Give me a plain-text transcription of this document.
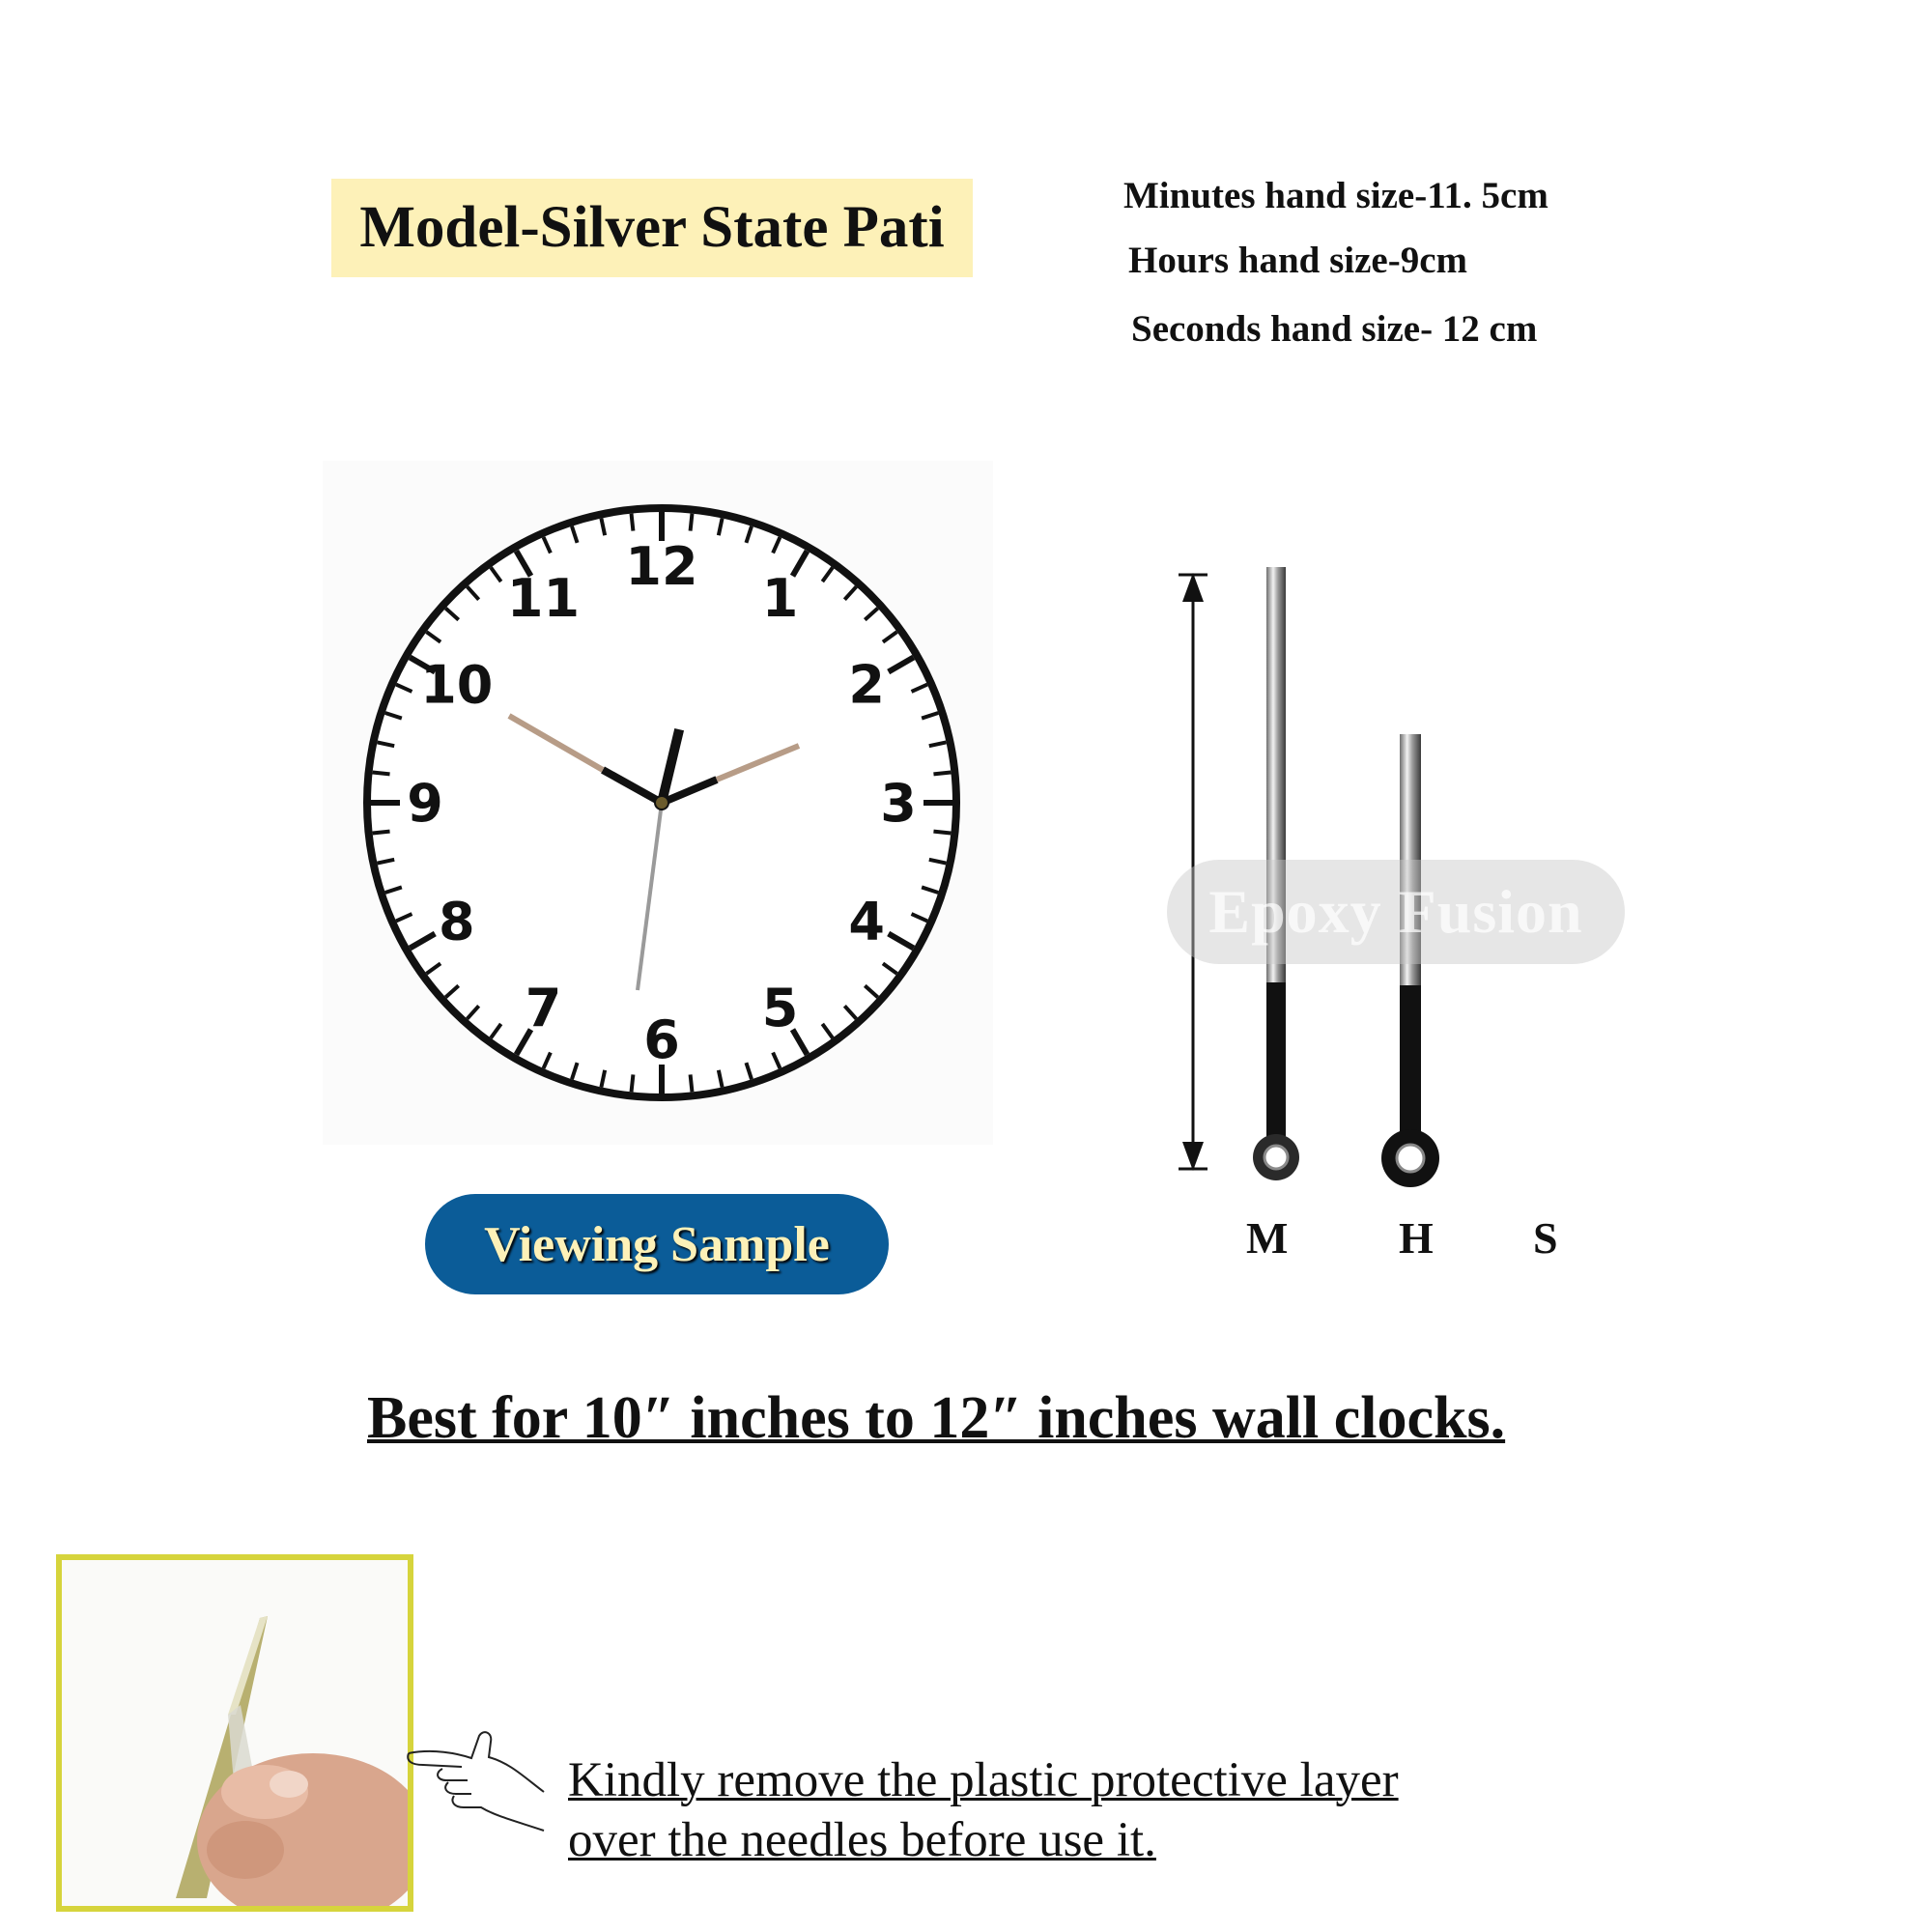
Model-Silver State Pati	Minutes hand size-11. 5cm
Hours hand size-9cm
Seconds hand size- 12 cm
12
1
2
3
4
5
6
7
8
9
10
11
Epoxy Fusion
M H S
Viewing Sample
Best for 10″ inches to 12″ inches wall clocks.
Kindly remove the plastic protective layer
over the needles before use it.
